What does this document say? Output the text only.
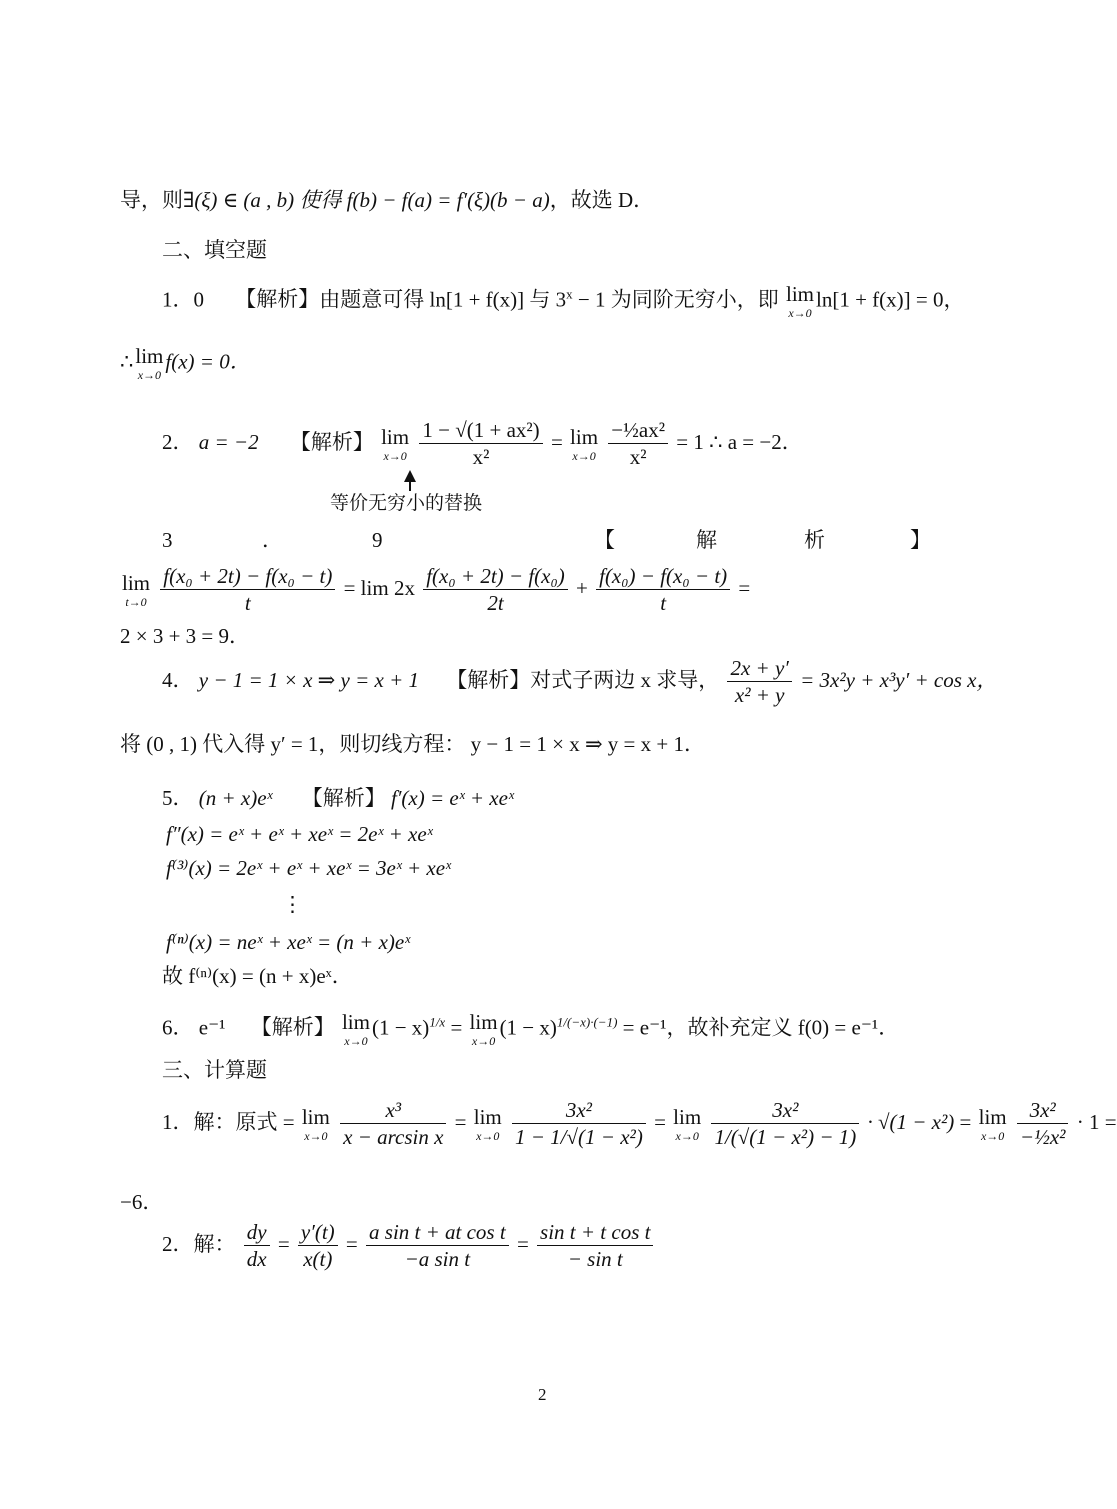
导，则∃(ξ) ∈ (a , b) 使得 f(b) − f(a) = f′(ξ)(b − a)，故选 D．
二、填空题
1．0 【解析】由题意可得 ln[1 + f(x)] 与 $3^x - 1$ 为同阶无穷小，即 lim
x→0
ln[1 + f(x)] = 0，
∴lim
x→0
f(x) = 0．
2． a = −2 【解析】 lim
x→0
$\frac{\text{1 − √(1 + ax²)}}{\text{x²}} = \lim$
x→0
$\frac{\text{−½ax²}}{\text{x²}} = 1$ ∴ a = −2．
等价无穷小的替换
3	．	9	【	解	析	】
lim
t→0
$\frac{\text{f(x₀ + 2t) − f(x₀ − t)}}{t} = \lim 2x \frac{\text{f(x₀ + 2t) − f(x₀)}}{2t} + \frac{\text{f(x₀) − f(x₀ − t)}}{t}$ =
2 × 3 + 3 = 9．
4． y − 1 = 1 × x ⇒ y = x + 1 【解析】对式子两边 x 求导， $\frac{2x + y'}{\text{x² + y}} = 3x^2y + x^3y' + \cos x$，
将 (0 , 1) 代入得 y′ = 1，则切线方程： y − 1 = 1 × x ⇒ y = x + 1．
5． (n + x)eˣ 【解析】 f′(x) = eˣ + xeˣ
f″(x) = eˣ + eˣ + xeˣ = 2eˣ + xeˣ
f⁽³⁾(x) = 2eˣ + eˣ + xeˣ = 3eˣ + xeˣ
⋮
f⁽ⁿ⁾(x) = neˣ + xeˣ = (n + x)eˣ
故 f⁽ⁿ⁾(x) = (n + x)eˣ．
6． e⁻¹ 【解析】 lim
x→0
$(1 - x)^{1/x} = \lim$
x→0
$(1 - x)^{1/(-x)\cdot(-1)} = e^{-1}$，故补充定义 f(0) = e⁻¹．
三、计算题
1．解：原式 = lim
x→0
$\frac{\text{x³}}{\text{x − arcsin x}} = \lim$
x→0
$\frac{\text{3x²}}{\text{1 − 1/√(1 − x²)}} = \lim$
x→0
$\frac{\text{3x²}}{\text{1/(√(1 − x²) − 1)}} \cdot √(1 - x^2) = \lim$
x→0
$\frac{\text{3x²}}{\text{−½x²}} \cdot 1$ =
−6．
2．解： $\frac{dy}{dx} = \frac{y'(t)}{x(t)} = \frac{\text{a sin t + at cos t}}{\text{−a sin t}} = \frac{\text{sin t + t cos t}}{\text{− sin t}}$
2
